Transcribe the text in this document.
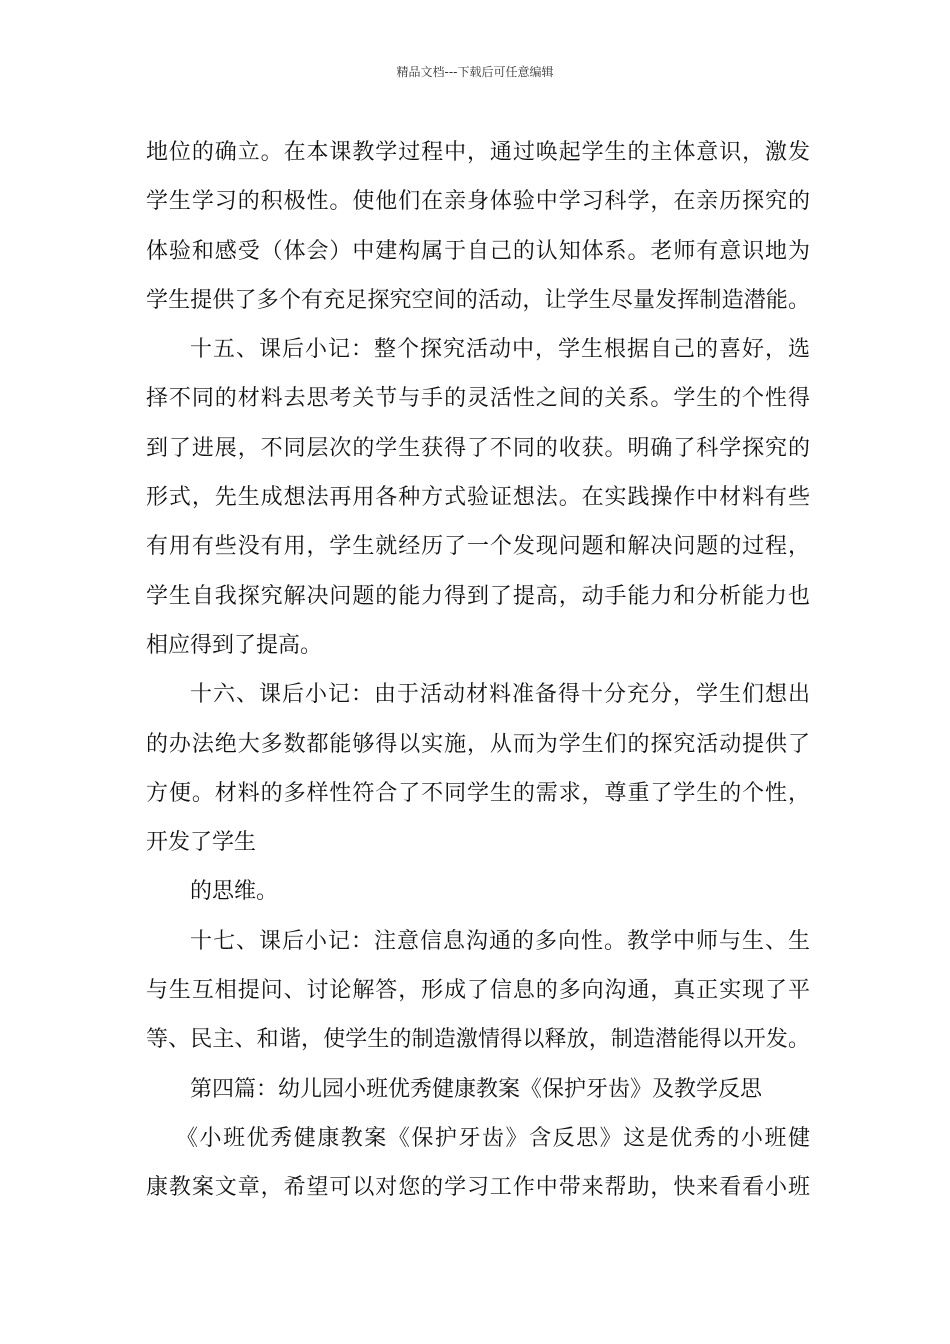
精品文档---下载后可任意编辑
地位的确立。在本课教学过程中，通过唤起学生的主体意识，激发
学生学习的积极性。使他们在亲身体验中学习科学，在亲历探究的
体验和感受（体会）中建构属于自己的认知体系。老师有意识地为
学生提供了多个有充足探究空间的活动，让学生尽量发挥制造潜能。
十五、课后小记：整个探究活动中，学生根据自己的喜好，选
择不同的材料去思考关节与手的灵活性之间的关系。学生的个性得
到了进展，不同层次的学生获得了不同的收获。明确了科学探究的
形式，先生成想法再用各种方式验证想法。在实践操作中材料有些
有用有些没有用，学生就经历了一个发现问题和解决问题的过程，
学生自我探究解决问题的能力得到了提高，动手能力和分析能力也
相应得到了提高。
十六、课后小记：由于活动材料准备得十分充分，学生们想出
的办法绝大多数都能够得以实施，从而为学生们的探究活动提供了
方便。材料的多样性符合了不同学生的需求，尊重了学生的个性，
开发了学生
的思维。
十七、课后小记：注意信息沟通的多向性。教学中师与生、生
与生互相提问、讨论解答，形成了信息的多向沟通，真正实现了平
等、民主、和谐，使学生的制造激情得以释放，制造潜能得以开发。
第四篇：幼儿园小班优秀健康教案《保护牙齿》及教学反思
《小班优秀健康教案《保护牙齿》含反思》这是优秀的小班健
康教案文章，希望可以对您的学习工作中带来帮助，快来看看小班
